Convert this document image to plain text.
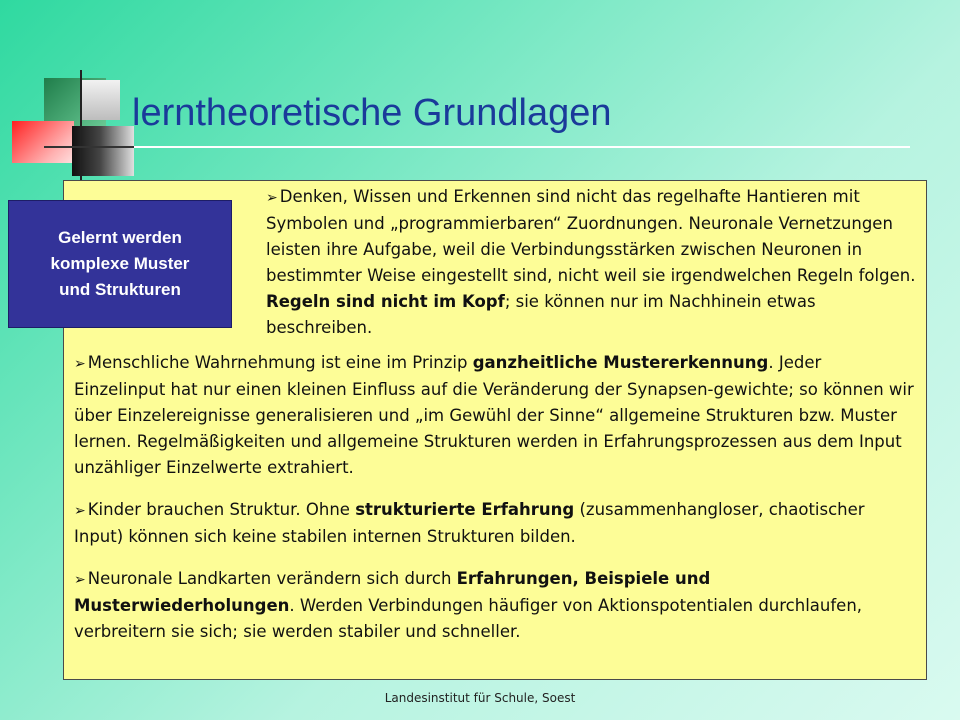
lerntheoretische Grundlagen
Gelernt werden
komplexe Muster
und Strukturen

➢ Denken, Wissen und Erkennen sind nicht das regelhafte Hantieren mit Symbolen und „programmierbaren“ Zuordnungen. Neuronale Vernetzungen leisten ihre Aufgabe, weil die Verbindungsstärken zwischen Neuronen in bestimmter Weise eingestellt sind, nicht weil sie irgendwelchen Regeln folgen. Regeln sind nicht im Kopf; sie können nur im Nachhinein etwas beschreiben.

➢ Menschliche Wahrnehmung ist eine im Prinzip ganzheitliche Mustererkennung. Jeder Einzelinput hat nur einen kleinen Einfluss auf die Veränderung der Synapsen-gewichte; so können wir über Einzelereignisse generalisieren und „im Gewühl der Sinne“ allgemeine Strukturen bzw. Muster lernen. Regelmäßigkeiten und allgemeine Strukturen werden in Erfahrungsprozessen aus dem Input unzähliger Einzelwerte extrahiert.

➢ Kinder brauchen Struktur. Ohne strukturierte Erfahrung (zusammenhangloser, chaotischer Input) können sich keine stabilen internen Strukturen bilden.

➢ Neuronale Landkarten verändern sich durch Erfahrungen, Beispiele und Musterwiederholungen. Werden Verbindungen häufiger von Aktionspotentialen durchlaufen, verbreitern sie sich; sie werden stabiler und schneller.

Landesinstitut für Schule, Soest
